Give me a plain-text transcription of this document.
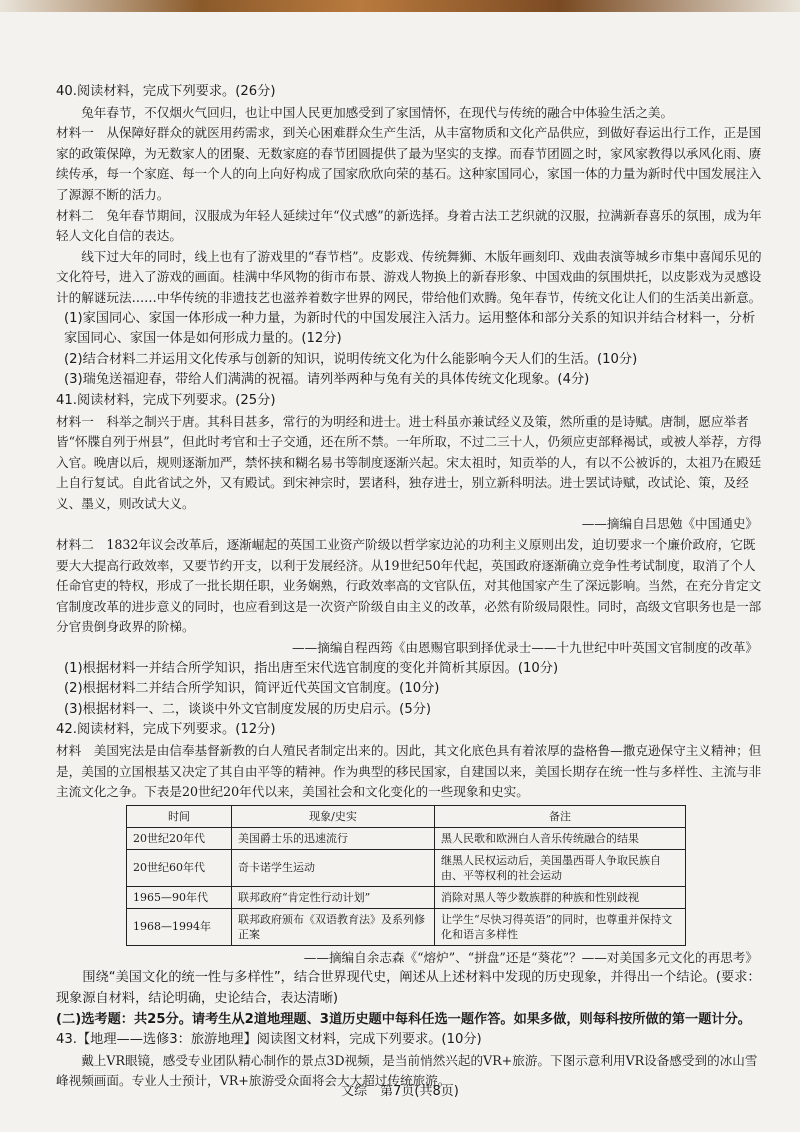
40.阅读材料，完成下列要求。(26分)

兔年春节，不仅烟火气回归，也让中国人民更加感受到了家国情怀，在现代与传统的融合中体验生活之美。

材料一　从保障好群众的就医用药需求，到关心困难群众生产生活，从丰富物质和文化产品供应，到做好春运出行工作，正是国家的政策保障，为无数家人的团聚、无数家庭的春节团圆提供了最为坚实的支撑。而春节团圆之时，家风家教得以承风化雨、赓续传承，每一个家庭、每一个人的向上向好构成了国家欣欣向荣的基石。这种家国同心，家国一体的力量为新时代中国发展注入了源源不断的活力。

材料二　兔年春节期间，汉服成为年轻人延续过年“仪式感”的新选择。身着古法工艺织就的汉服，拉满新春喜乐的氛围，成为年轻人文化自信的表达。

线下过大年的同时，线上也有了游戏里的“春节档”。皮影戏、传统舞狮、木版年画刻印、戏曲表演等城乡市集中喜闻乐见的文化符号，进入了游戏的画面。桂满中华风物的街市布景、游戏人物换上的新春形象、中国戏曲的氛围烘托，以皮影戏为灵感设计的解谜玩法……中华传统的非遗技艺也滋养着数字世界的网民，带给他们欢腾。兔年春节，传统文化让人们的生活美出新意。

(1)家国同心、家国一体形成一种力量，为新时代的中国发展注入活力。运用整体和部分关系的知识并结合材料一，分析家国同心、家国一体是如何形成力量的。(12分)

(2)结合材料二并运用文化传承与创新的知识，说明传统文化为什么能影响今天人们的生活。(10分)

(3)瑞兔送福迎春，带给人们满满的祝福。请列举两种与兔有关的具体传统文化现象。(4分)

41.阅读材料，完成下列要求。(25分)

材料一　科举之制兴于唐。其科目甚多，常行的为明经和进士。进士科虽亦兼试经义及策，然所重的是诗赋。唐制，愿应举者皆“怀牒自列于州县”，但此时考官和士子交通，还在所不禁。一年所取，不过二三十人，仍须应吏部释褐试，或被人举荐，方得入官。晚唐以后，规则逐渐加严，禁怀挟和糊名易书等制度逐渐兴起。宋太祖时，知贡举的人，有以不公被诉的，太祖乃在殿廷上自行复试。自此省试之外，又有殿试。到宋神宗时，罢诸科，独存进士，别立新科明法。进士罢试诗赋，改试论、策，及经义、墨义，则改试大义。

——摘编自吕思勉《中国通史》

材料二　1832年议会改革后，逐渐崛起的英国工业资产阶级以哲学家边沁的功利主义原则出发，迫切要求一个廉价政府，它既要大大提高行政效率，又要节约开支，以利于发展经济。从19世纪50年代起，英国政府逐渐确立竞争性考试制度，取消了个人任命官吏的特权，形成了一批长期任职，业务娴熟，行政效率高的文官队伍，对其他国家产生了深远影响。当然，在充分肯定文官制度改革的进步意义的同时，也应看到这是一次资产阶级自由主义的改革，必然有阶级局限性。同时，高级文官职务也是一部分官贵倒身政界的阶梯。

——摘编自程西筠《由恩赐官职到择优录士——十九世纪中叶英国文官制度的改革》

(1)根据材料一并结合所学知识，指出唐至宋代选官制度的变化并简析其原因。(10分)

(2)根据材料二并结合所学知识，简评近代英国文官制度。(10分)

(3)根据材料一、二，谈谈中外文官制度发展的历史启示。(5分)

42.阅读材料，完成下列要求。(12分)

材料　美国宪法是由信奉基督新教的白人殖民者制定出来的。因此，其文化底色具有着浓厚的盎格鲁—撒克逊保守主义精神；但是，美国的立国根基又决定了其自由平等的精神。作为典型的移民国家，自建国以来，美国长期存在统一性与多样性、主流与非主流文化之争。下表是20世纪20年代以来，美国社会和文化变化的一些现象和史实。

时间	现象/史实	备注
20世纪20年代	美国爵士乐的迅速流行	黑人民歌和欧洲白人音乐传统融合的结果
20世纪60年代	奇卡诺学生运动	继黑人民权运动后，美国墨西哥人争取民族自由、平等权利的社会运动
1965—90年代	联邦政府“肯定性行动计划”	消除对黑人等少数族群的种族和性别歧视
1968—1994年	联邦政府颁布《双语教育法》及系列修正案	让学生“尽快习得英语”的同时，也尊重并保持文化和语言多样性

——摘编自余志森《“熔炉”、“拼盘”还是“葵花”？——对美国多元文化的再思考》

围绕“美国文化的统一性与多样性”，结合世界现代史，阐述从上述材料中发现的历史现象，并得出一个结论。(要求：现象源自材料，结论明确，史论结合，表达清晰)

(二)选考题：共25分。请考生从2道地理题、3道历史题中每科任选一题作答。如果多做，则每科按所做的第一题计分。

43.【地理——选修3：旅游地理】阅读图文材料，完成下列要求。(10分)

戴上VR眼镜，感受专业团队精心制作的景点3D视频，是当前悄然兴起的VR+旅游。下图示意利用VR设备感受到的冰山雪峰视频画面。专业人士预计，VR+旅游受众面将会大大超过传统旅游。

文综　第7页(共8页)
